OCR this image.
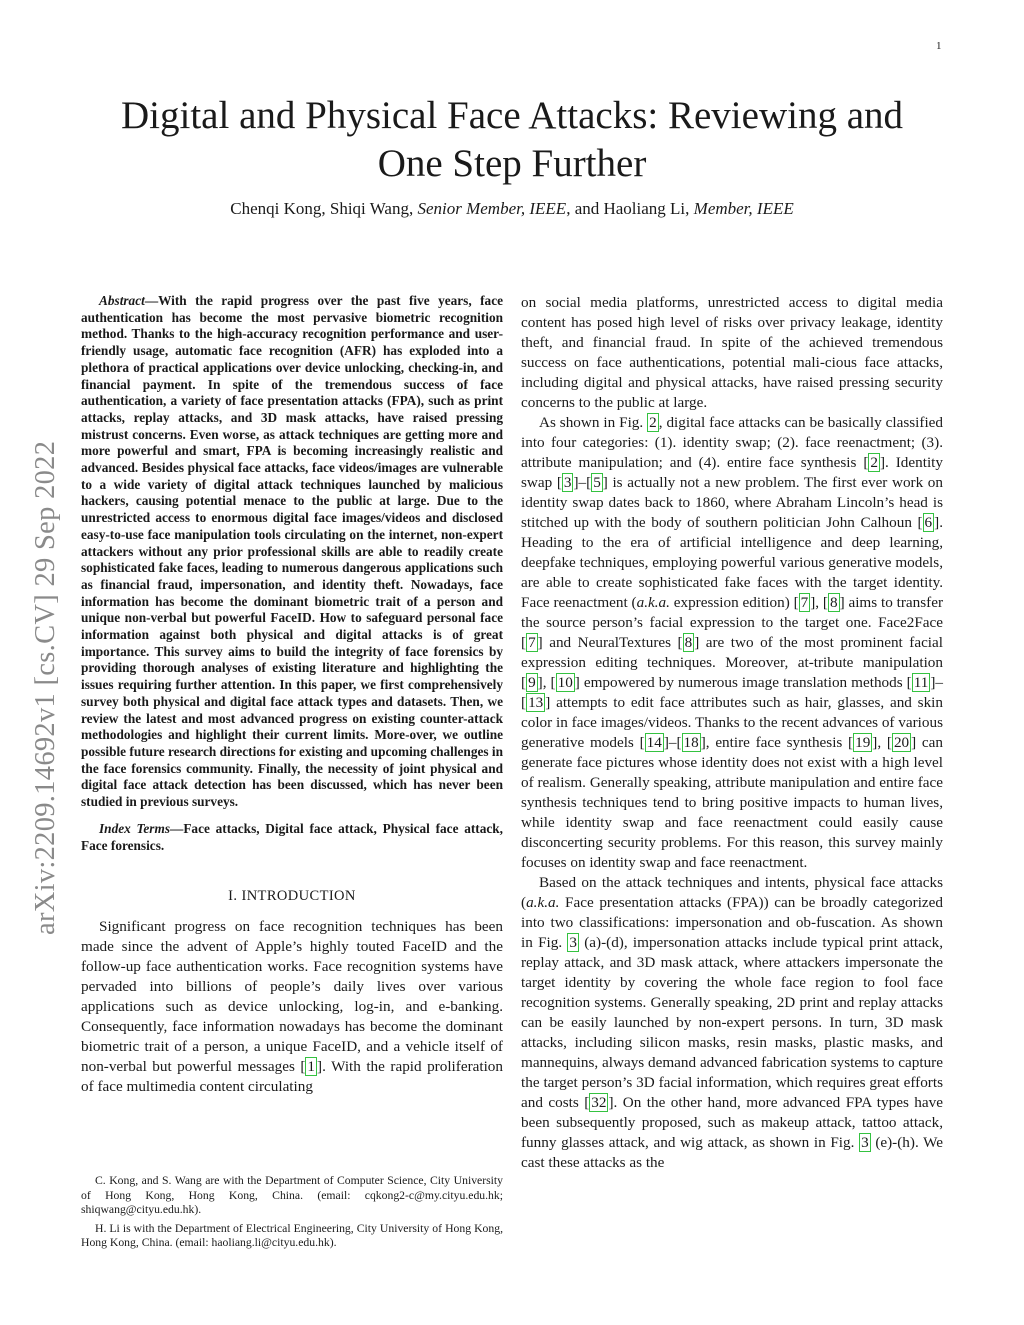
1
arXiv:2209.14692v1 [cs.CV] 29 Sep 2022
Digital and Physical Face Attacks: Reviewing and
One Step Further
Chenqi Kong, Shiqi Wang, Senior Member, IEEE, and Haoliang Li, Member, IEEE

Abstract—With the rapid progress over the past five years, face authentication has become the most pervasive biometric recognition method. Thanks to the high-accuracy recognition performance and user-friendly usage, automatic face recognition (AFR) has exploded into a plethora of practical applications over device unlocking, checking-in, and financial payment. In spite of the tremendous success of face authentication, a variety of face presentation attacks (FPA), such as print attacks, replay attacks, and 3D mask attacks, have raised pressing mistrust concerns. Even worse, as attack techniques are getting more and more powerful and smart, FPA is becoming increasingly realistic and advanced. Besides physical face attacks, face videos/images are vulnerable to a wide variety of digital attack techniques launched by malicious hackers, causing potential menace to the public at large. Due to the unrestricted access to enormous digital face images/videos and disclosed easy-to-use face manipulation tools circulating on the internet, non-expert attackers without any prior professional skills are able to readily create sophisticated fake faces, leading to numerous dangerous applications such as financial fraud, impersonation, and identity theft. Nowadays, face information has become the dominant biometric trait of a person and unique non-verbal but powerful FaceID. How to safeguard personal face information against both physical and digital attacks is of great importance. This survey aims to build the integrity of face forensics by providing thorough analyses of existing literature and highlighting the issues requiring further attention. In this paper, we first comprehensively survey both physical and digital face attack types and datasets. Then, we review the latest and most advanced progress on existing counter-attack methodologies and highlight their current limits. More-over, we outline possible future research directions for existing and upcoming challenges in the face forensics community. Finally, the necessity of joint physical and digital face attack detection has been discussed, which has never been studied in previous surveys.

Index Terms—Face attacks, Digital face attack, Physical face attack, Face forensics.

I. INTRODUCTION

Significant progress on face recognition techniques has been made since the advent of Apple’s highly touted FaceID and the follow-up face authentication works. Face recognition systems have pervaded into billions of people’s daily lives over various applications such as device unlocking, log-in, and e-banking. Consequently, face information nowadays has become the dominant biometric trait of a person, a unique FaceID, and a vehicle itself of non-verbal but powerful messages [ 1 ]. With the rapid proliferation of face multimedia content circulating

C. Kong, and S. Wang are with the Department of Computer Science, City University of Hong Kong, Hong Kong, China. (email: cqkong2-c@my.cityu.edu.hk; shiqwang@cityu.edu.hk).

H. Li is with the Department of Electrical Engineering, City University of Hong Kong, Hong Kong, China. (email: haoliang.li@cityu.edu.hk).

on social media platforms, unrestricted access to digital media content has posed high level of risks over privacy leakage, identity theft, and financial fraud. In spite of the achieved tremendous success on face authentications, potential mali-cious face attacks, including digital and physical attacks, have raised pressing security concerns to the public at large.

As shown in Fig. 2 , digital face attacks can be basically classified into four categories: (1). identity swap; (2). face reenactment; (3). attribute manipulation; and (4). entire face synthesis [ 2 ]. Identity swap [ 3 ]–[ 5 ] is actually not a new problem. The first ever work on identity swap dates back to 1860, where Abraham Lincoln’s head is stitched up with the body of southern politician John Calhoun [ 6 ]. Heading to the era of artificial intelligence and deep learning, deepfake techniques, employing powerful various generative models, are able to create sophisticated fake faces with the target identity. Face reenactment (a.k.a. expression edition) [ 7 ], [ 8 ] aims to transfer the source person’s facial expression to the target one. Face2Face [ 7 ] and NeuralTextures [ 8 ] are two of the most prominent facial expression editing techniques. Moreover, at-tribute manipulation [ 9 ], [ 10 ] empowered by numerous image translation methods [ 11 ]–[ 13 ] attempts to edit face attributes such as hair, glasses, and skin color in face images/videos. Thanks to the recent advances of various generative models [ 14 ]–[ 18 ], entire face synthesis [ 19 ], [ 20 ] can generate face pictures whose identity does not exist with a high level of realism. Generally speaking, attribute manipulation and entire face synthesis techniques tend to bring positive impacts to human lives, while identity swap and face reenactment could easily cause disconcerting security problems. For this reason, this survey mainly focuses on identity swap and face reenactment.

Based on the attack techniques and intents, physical face attacks (a.k.a. Face presentation attacks (FPA)) can be broadly categorized into two classifications: impersonation and ob-fuscation. As shown in Fig. 3 (a)-(d), impersonation attacks include typical print attack, replay attack, and 3D mask attack, where attackers impersonate the target identity by covering the whole face region to fool face recognition systems. Generally speaking, 2D print and replay attacks can be easily launched by non-expert persons. In turn, 3D mask attacks, including silicon masks, resin masks, plastic masks, and mannequins, always demand advanced fabrication systems to capture the target person’s 3D facial information, which requires great efforts and costs [ 32 ]. On the other hand, more advanced FPA types have been subsequently proposed, such as makeup attack, tattoo attack, funny glasses attack, and wig attack, as shown in Fig. 3 (e)-(h). We cast these attacks as the
